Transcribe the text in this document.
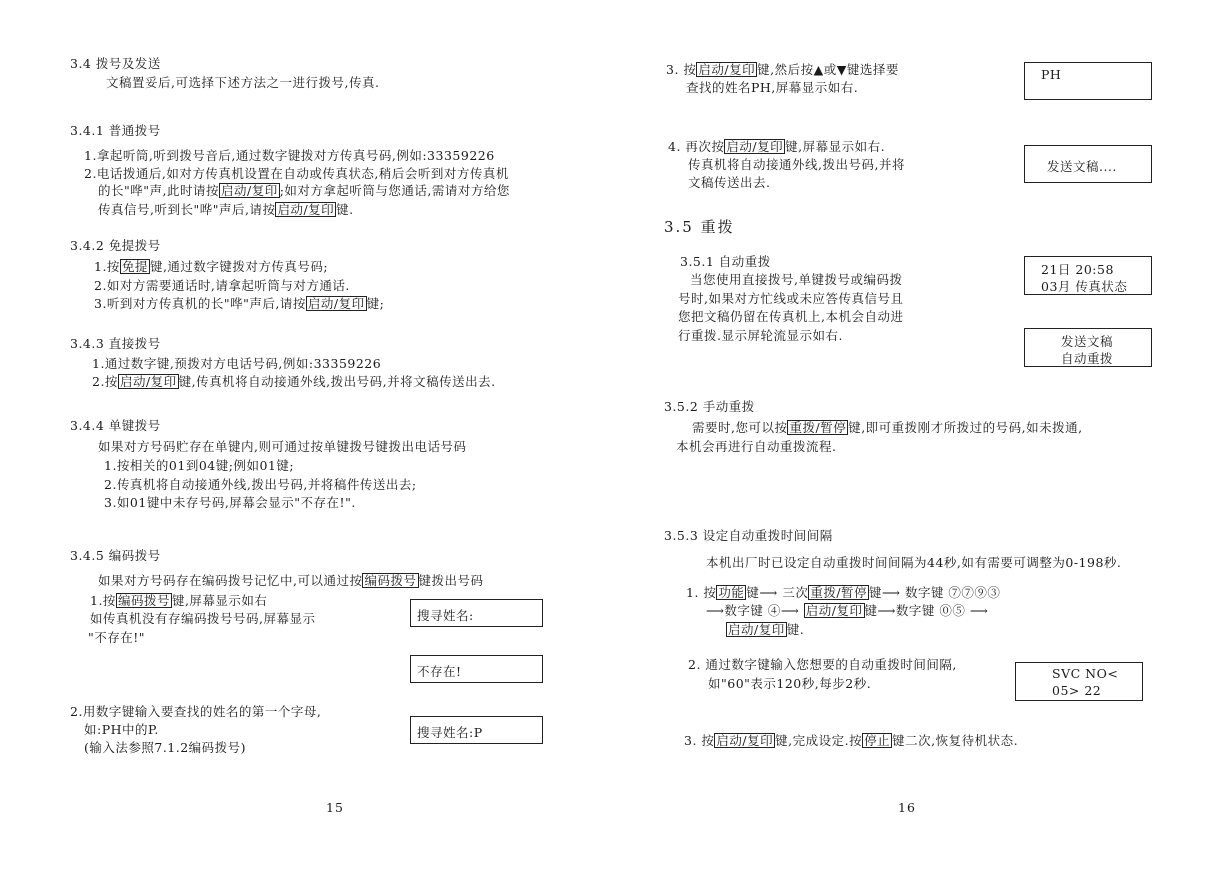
3.4 拨号及发送
文稿置妥后,可选择下述方法之一进行拨号,传真.
3.4.1 普通拨号
1.拿起听筒,听到拨号音后,通过数字键拨对方传真号码,例如:33359226
2.电话拨通后,如对方传真机设置在自动或传真状态,稍后会听到对方传真机
的长"哗"声,此时请按 启动/复印 ;如对方拿起听筒与您通话,需请对方给您
传真信号,听到长"哗"声后,请按 启动/复印 键.
3.4.2 免提拨号
1.按 免提 键,通过数字键拨对方传真号码;
2.如对方需要通话时,请拿起听筒与对方通话.
3.听到对方传真机的长"哗"声后,请按 启动/复印 键;
3.4.3 直接拨号
1.通过数字键,预拨对方电话号码,例如:33359226
2.按 启动/复印 键,传真机将自动接通外线,拨出号码,并将文稿传送出去.
3.4.4 单键拨号
如果对方号码贮存在单键内,则可通过按单键拨号键拨出电话号码
1.按相关的01到04键;例如01键;
2.传真机将自动接通外线,拨出号码,并将稿件传送出去;
3.如01键中未存号码,屏幕会显示"不存在!".
3.4.5 编码拨号
如果对方号码存在编码拨号记忆中,可以通过按 编码拨号 键拨出号码
1.按 编码拨号 键,屏幕显示如右
如传真机没有存编码拨号号码,屏幕显示
"不存在!"
2.用数字键输入要查找的姓名的第一个字母,
如:PH中的P.
(输入法参照7.1.2编码拨号)
搜寻姓名:
不存在!
搜寻姓名:P
15
3. 按 启动/复印 键,然后按▲或▼键选择要
查找的姓名PH,屏幕显示如右.
PH
4. 再次按 启动/复印 键,屏幕显示如右.
传真机将自动接通外线,拨出号码,并将
文稿传送出去.
发送文稿....
3.5 重拨
3.5.1 自动重拨
当您使用直接拨号,单键拨号或编码拨
号时,如果对方忙线或未应答传真信号且
您把文稿仍留在传真机上,本机会自动进
行重拨.显示屏轮流显示如右.
21日 20:58
03月 传真状态
发送文稿
自动重拨
3.5.2 手动重拨
需要时,您可以按 重拨/暂停 键,即可重拨刚才所拨过的号码,如未拨通,
本机会再进行自动重拨流程.
3.5.3 设定自动重拨时间间隔
本机出厂时已设定自动重拨时间间隔为44秒,如有需要可调整为0-198秒.
1. 按 功能 键⟶ 三次 重拨/暂停 键⟶ 数字键 ⑦⑦⑨③
⟶数字键 ④⟶ 启动/复印 键⟶数字键 ⓪⑤ ⟶
启动/复印 键.
2. 通过数字键输入您想要的自动重拨时间间隔,
如"60"表示120秒,每步2秒.
SVC NO<
05> 22
3. 按 启动/复印 键,完成设定.按 停止 键二次,恢复待机状态.
16
